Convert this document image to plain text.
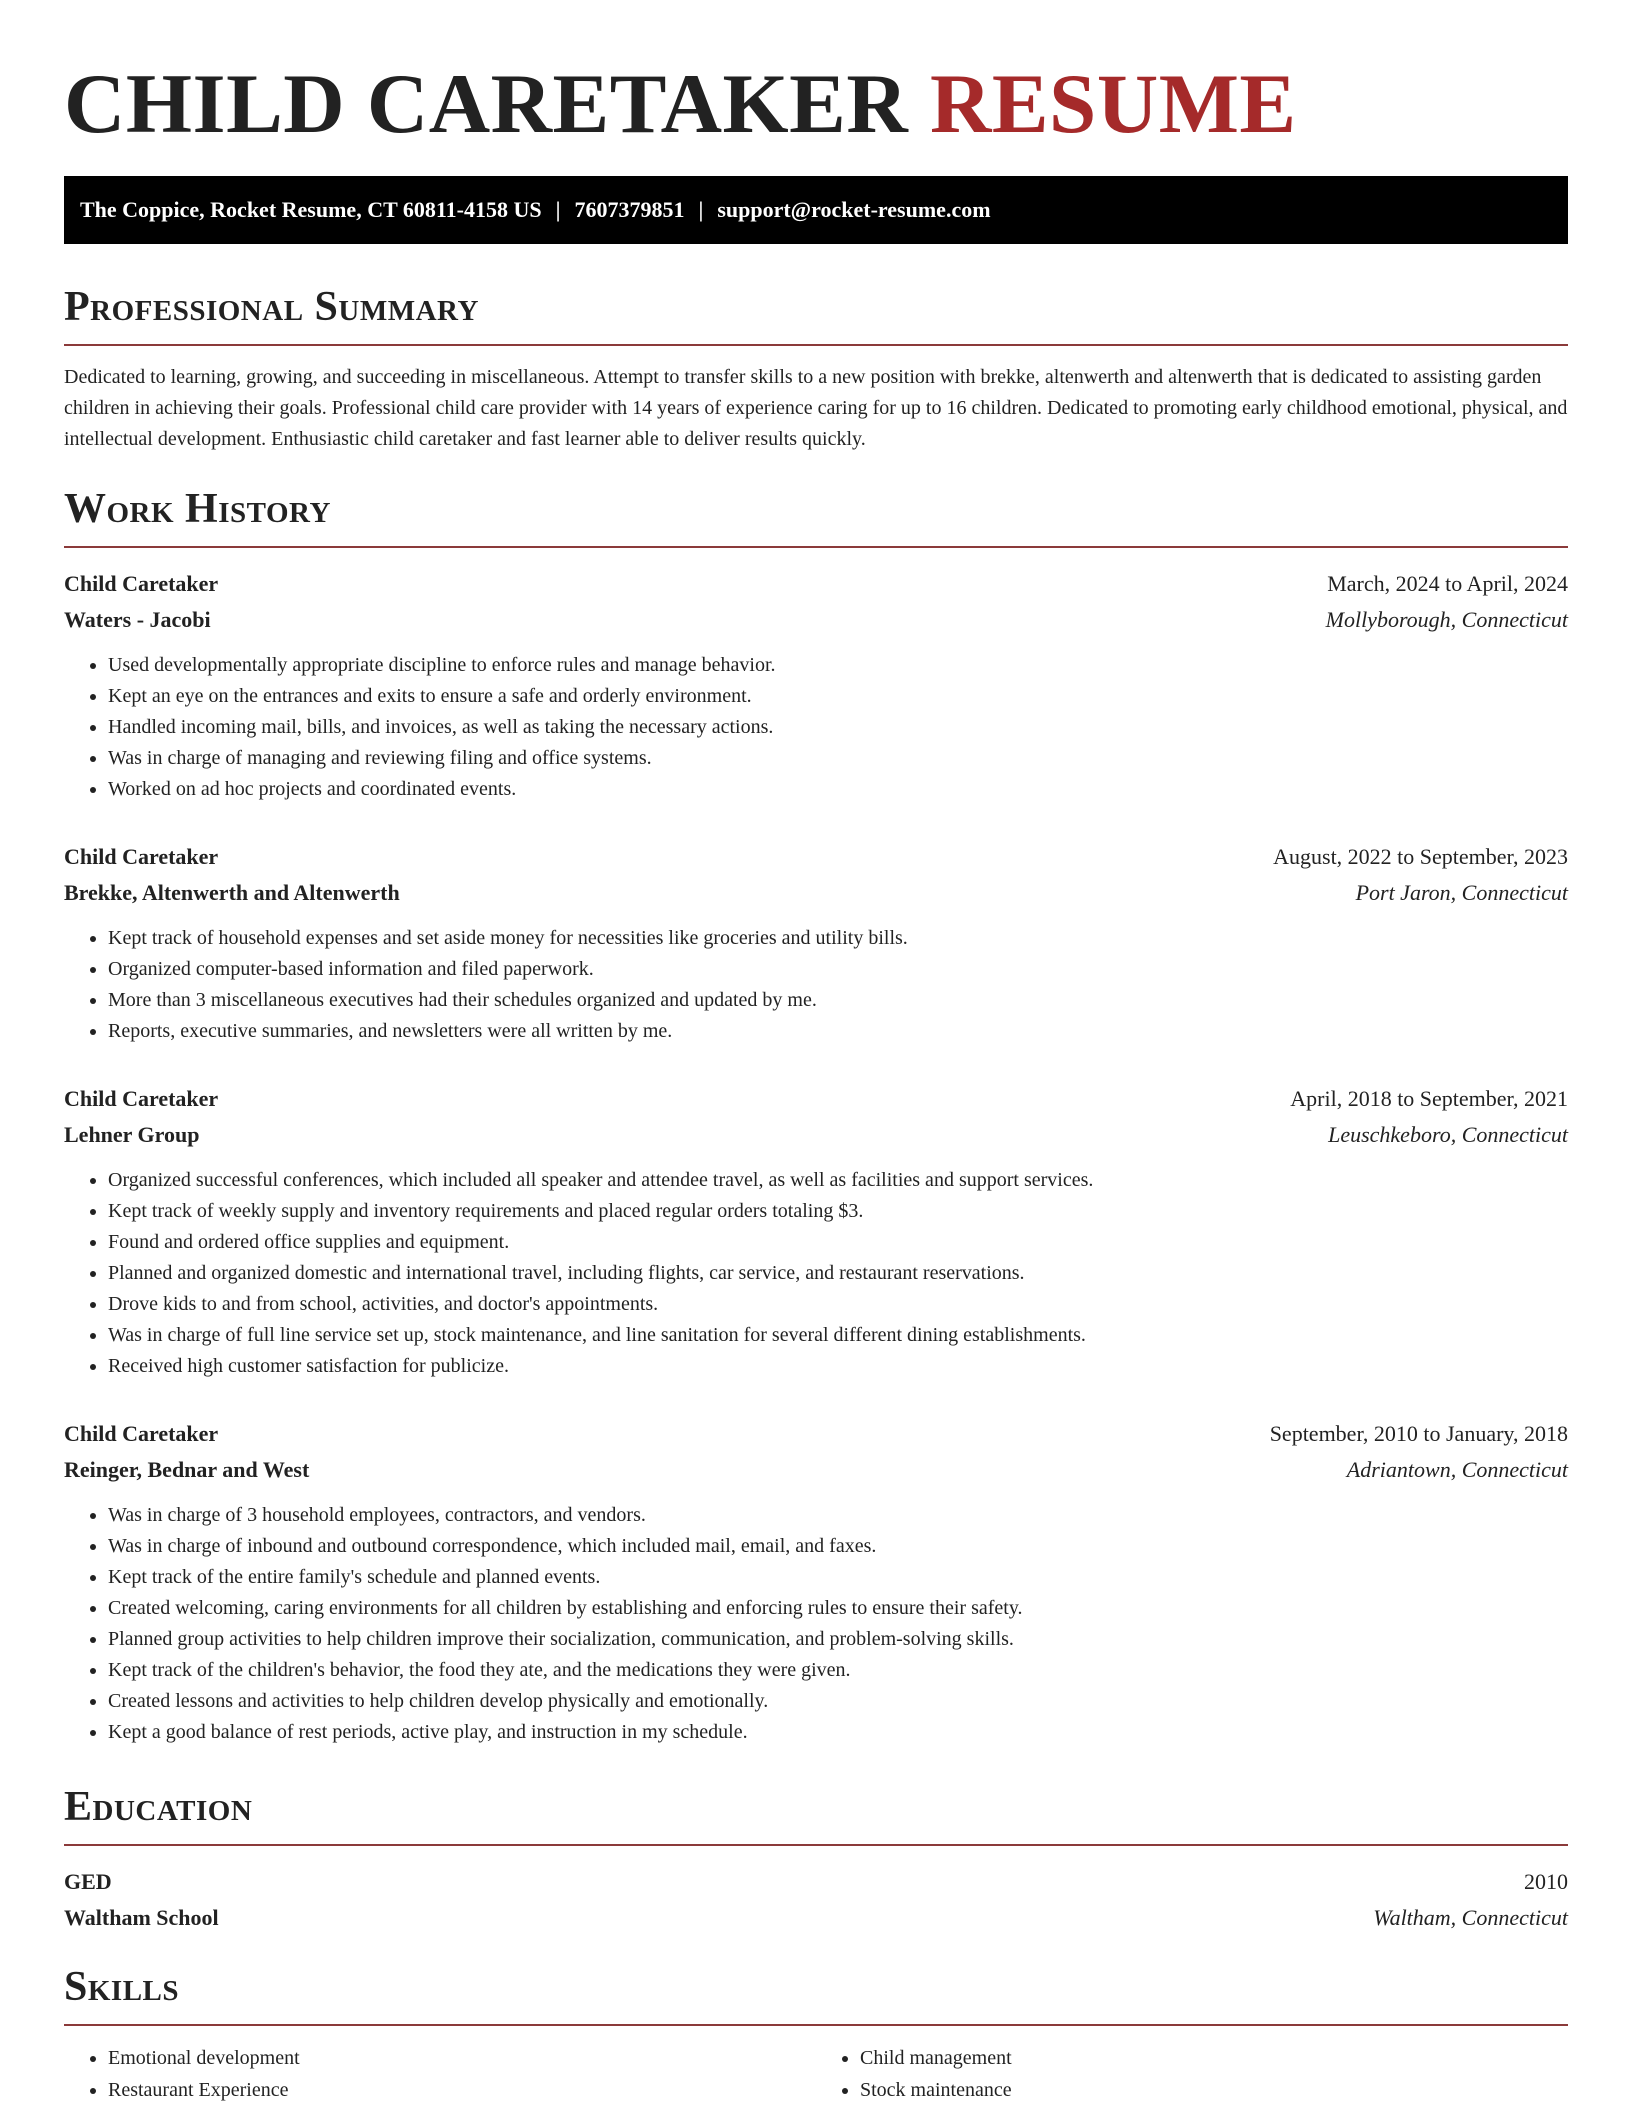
CHILD CARETAKER RESUME
The Coppice, Rocket Resume, CT 60811-4158 US | 7607379851 | support@rocket-resume.com
Professional Summary

Dedicated to learning, growing, and succeeding in miscellaneous. Attempt to transfer skills to a new position with brekke, altenwerth and altenwerth that is dedicated to assisting garden children in achieving their goals. Professional child care provider with 14 years of experience caring for up to 16 children. Dedicated to promoting early childhood emotional, physical, and intellectual development. Enthusiastic child caretaker and fast learner able to deliver results quickly.

Work History
Child Caretaker	March, 2024 to April, 2024
Waters - Jacobi	Mollyborough, Connecticut
• Used developmentally appropriate discipline to enforce rules and manage behavior.
• Kept an eye on the entrances and exits to ensure a safe and orderly environment.
• Handled incoming mail, bills, and invoices, as well as taking the necessary actions.
• Was in charge of managing and reviewing filing and office systems.
• Worked on ad hoc projects and coordinated events.
Child Caretaker	August, 2022 to September, 2023
Brekke, Altenwerth and Altenwerth	Port Jaron, Connecticut
• Kept track of household expenses and set aside money for necessities like groceries and utility bills.
• Organized computer-based information and filed paperwork.
• More than 3 miscellaneous executives had their schedules organized and updated by me.
• Reports, executive summaries, and newsletters were all written by me.
Child Caretaker	April, 2018 to September, 2021
Lehner Group	Leuschkeboro, Connecticut
• Organized successful conferences, which included all speaker and attendee travel, as well as facilities and support services.
• Kept track of weekly supply and inventory requirements and placed regular orders totaling $3.
• Found and ordered office supplies and equipment.
• Planned and organized domestic and international travel, including flights, car service, and restaurant reservations.
• Drove kids to and from school, activities, and doctor's appointments.
• Was in charge of full line service set up, stock maintenance, and line sanitation for several different dining establishments.
• Received high customer satisfaction for publicize.
Child Caretaker	September, 2010 to January, 2018
Reinger, Bednar and West	Adriantown, Connecticut
• Was in charge of 3 household employees, contractors, and vendors.
• Was in charge of inbound and outbound correspondence, which included mail, email, and faxes.
• Kept track of the entire family's schedule and planned events.
• Created welcoming, caring environments for all children by establishing and enforcing rules to ensure their safety.
• Planned group activities to help children improve their socialization, communication, and problem-solving skills.
• Kept track of the children's behavior, the food they ate, and the medications they were given.
• Created lessons and activities to help children develop physically and emotionally.
• Kept a good balance of rest periods, active play, and instruction in my schedule.
Education
GED	2010
Waltham School	Waltham, Connecticut
Skills
• Emotional development
• Restaurant Experience
• Child management
• Stock maintenance
